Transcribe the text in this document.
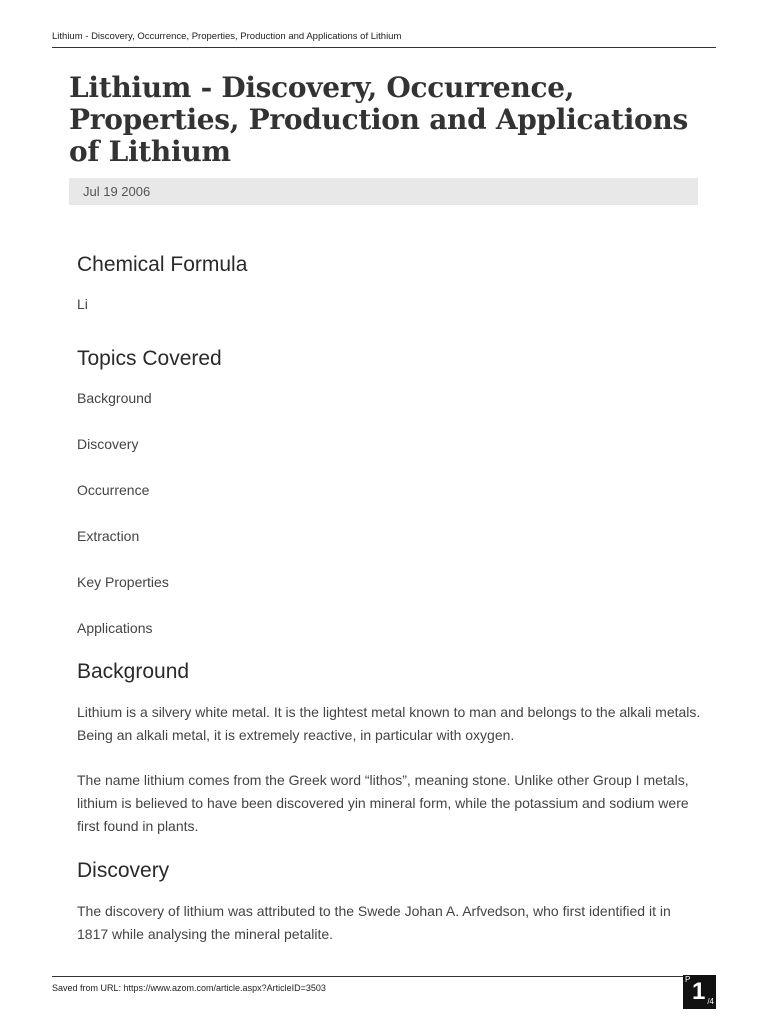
Lithium - Discovery, Occurrence, Properties, Production and Applications of Lithium
Lithium - Discovery, Occurrence, Properties, Production and Applications of Lithium
Jul 19 2006
Chemical Formula

Li

Topics Covered

Background

Discovery

Occurrence

Extraction

Key Properties

Applications

Background

Lithium is a silvery white metal. It is the lightest metal known to man and belongs to the alkali metals. Being an alkali metal, it is extremely reactive, in particular with oxygen.

The name lithium comes from the Greek word “lithos”, meaning stone. Unlike other Group I metals, lithium is believed to have been discovered yin mineral form, while the potassium and sodium were first found in plants.

Discovery

The discovery of lithium was attributed to the Swede Johan A. Arfvedson, who first identified it in 1817 while analysing the mineral petalite.

Saved from URL: https://www.azom.com/article.aspx?ArticleID=3503
P 1 /4
